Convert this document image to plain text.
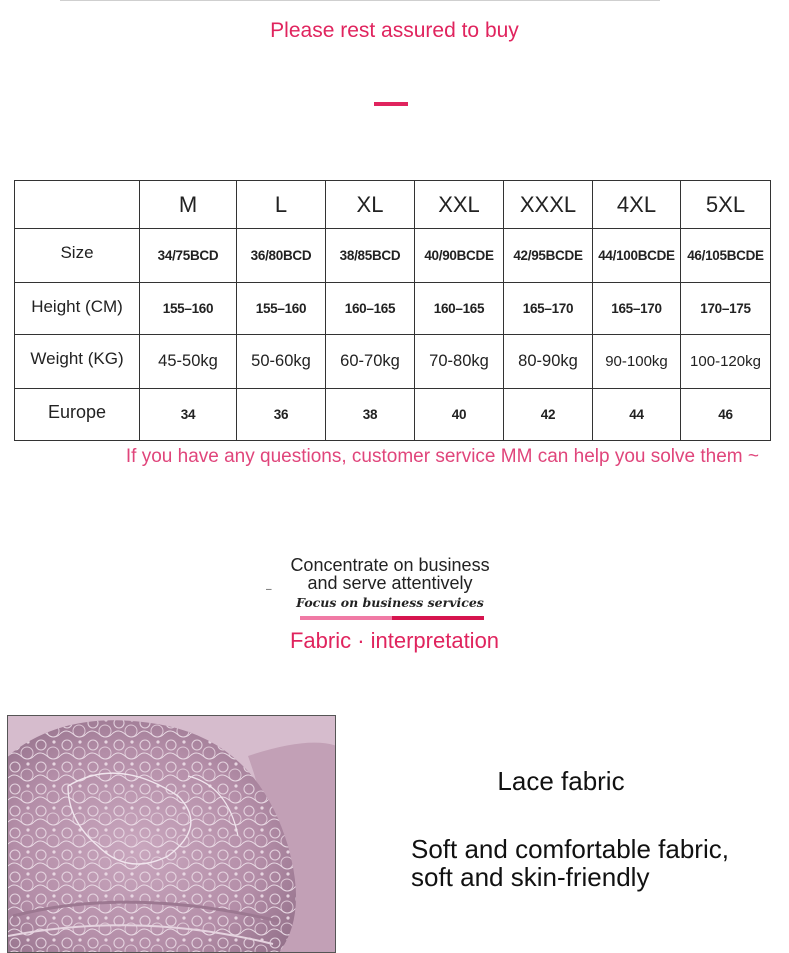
Please rest assured to buy
	M	L	XL	XXL	XXXL	4XL	5XL
Size	34/75BCD	36/80BCD	38/85BCD	40/90BCDE	42/95BCDE	44/100BCDE	46/105BCDE
Height (CM)	155–160	155–160	160–165	160–165	165–170	165–170	170–175
Weight (KG)	45-50kg	50-60kg	60-70kg	70-80kg	80-90kg	90-100kg	100-120kg
Europe	34	36	38	40	42	44	46
If you have any questions, customer service MM can help you solve them ~
Concentrate on business
and serve attentively
–
Focus on business services
Fabric · interpretation
Lace fabric
Soft and comfortable fabric,
soft and skin-friendly
